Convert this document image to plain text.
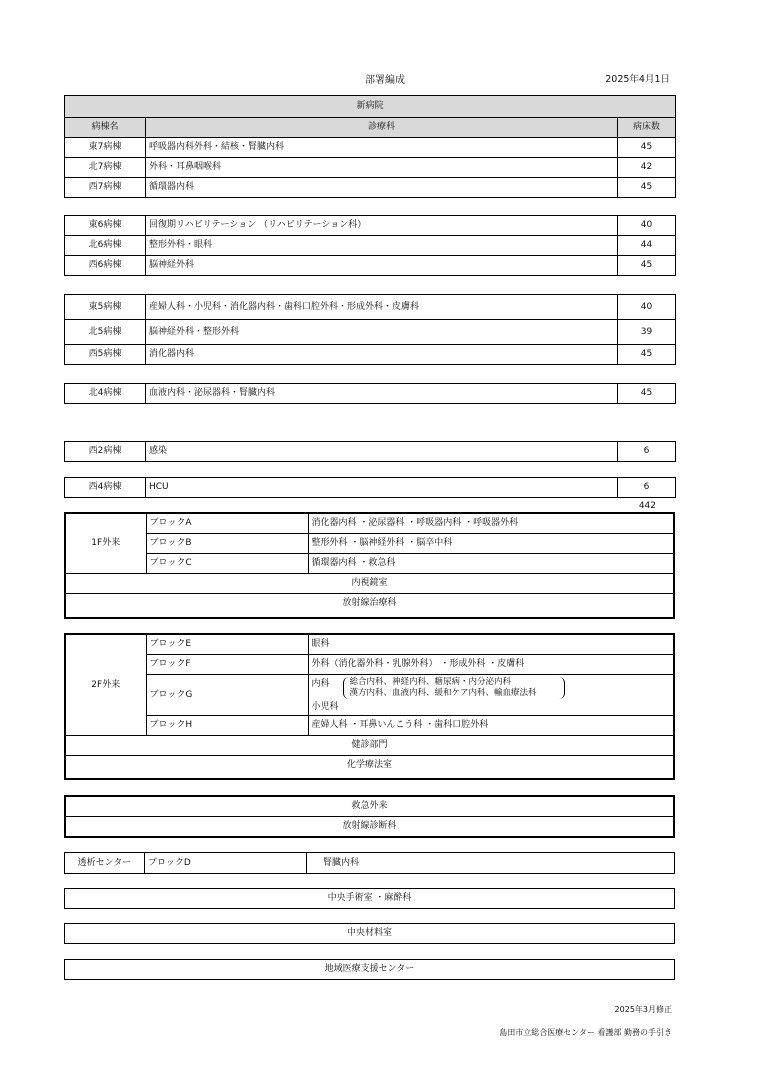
部署編成	2025年4月1日
新病院		
病棟名	診療科	病床数
東7病棟	呼吸器内科外科・結核・腎臓内科	45
北7病棟	外科・耳鼻咽喉科	42
西7病棟	循環器内科	45
東6病棟	回復期リハビリテーション （リハビリテーション科）	40
北6病棟	整形外科・眼科	44
西6病棟	脳神経外科	45
東5病棟	産婦人科・小児科・消化器内科・歯科口腔外科・形成外科・皮膚科	40
北5病棟	脳神経外科・整形外科	39
西5病棟	消化器内科	45
北4病棟	血液内科・泌尿器科・腎臓内科	45
西2病棟	感染	6
西4病棟	HCU	6
442
1F外来	ブロックA	消化器内科 ・泌尿器科 ・呼吸器内科 ・呼吸器外科
	ブロックB	整形外科 ・脳神経外科 ・脳卒中科
	ブロックC	循環器内科 ・救急科
内視鏡室		
放射線治療科		
2F外来	ブロックE	眼科
	ブロックF	外科（消化器外科・乳腺外科） ・形成外科 ・皮膚科
	ブロックG	内科 総合内科、神経内科、糖尿病・内分泌内科
漢方内科、血液内科、緩和ケア内科、輸血療法科
小児科

	ブロックH	産婦人科 ・耳鼻いんこう科 ・歯科口腔外科
健診部門		
化学療法室		
救急外来
放射線診断科
透析センター	ブロックD	腎臓内科
中央手術室 ・麻酔科
中央材料室
地域医療支援センター
2025年3月修正
島田市立総合医療センター 看護部 勤務の手引き
